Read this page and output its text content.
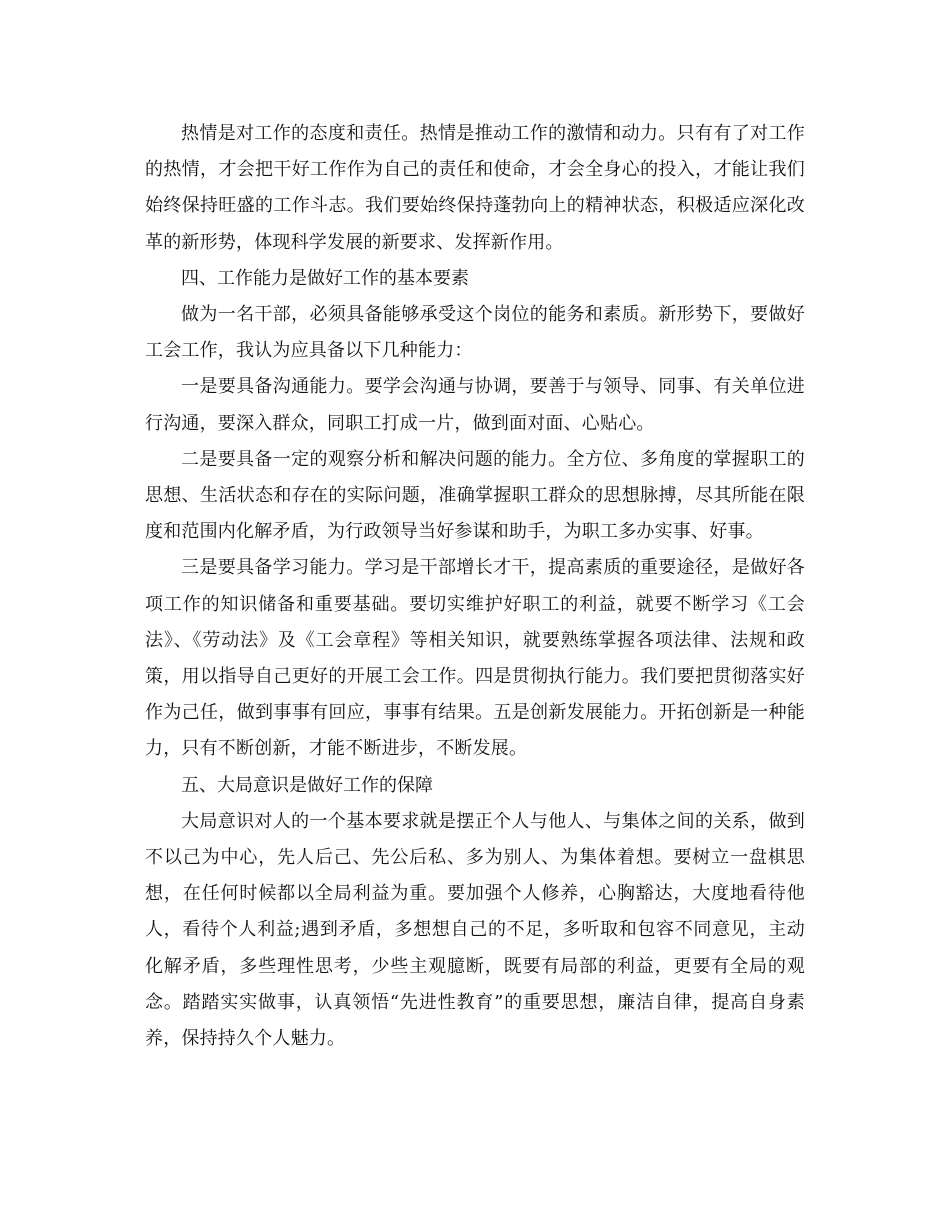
热情是对工作的态度和责任。热情是推动工作的激情和动力。只有有了对工作的热情，才会把干好工作作为自己的责任和使命，才会全身心的投入，才能让我们始终保持旺盛的工作斗志。我们要始终保持蓬勃向上的精神状态，积极适应深化改革的新形势，体现科学发展的新要求、发挥新作用。

四、工作能力是做好工作的基本要素

做为一名干部，必须具备能够承受这个岗位的能务和素质。新形势下，要做好工会工作，我认为应具备以下几种能力：

一是要具备沟通能力。要学会沟通与协调，要善于与领导、同事、有关单位进行沟通，要深入群众，同职工打成一片，做到面对面、心贴心。

二是要具备一定的观察分析和解决问题的能力。全方位、多角度的掌握职工的思想、生活状态和存在的实际问题，准确掌握职工群众的思想脉搏，尽其所能在限度和范围内化解矛盾，为行政领导当好参谋和助手，为职工多办实事、好事。

三是要具备学习能力。学习是干部增长才干，提高素质的重要途径，是做好各项工作的知识储备和重要基础。要切实维护好职工的利益，就要不断学习《工会法》、《劳动法》及《工会章程》等相关知识，就要熟练掌握各项法律、法规和政策，用以指导自己更好的开展工会工作。四是贯彻执行能力。我们要把贯彻落实好作为己任，做到事事有回应，事事有结果。五是创新发展能力。开拓创新是一种能力，只有不断创新，才能不断进步，不断发展。

五、大局意识是做好工作的保障

大局意识对人的一个基本要求就是摆正个人与他人、与集体之间的关系，做到不以己为中心，先人后己、先公后私、多为别人、为集体着想。要树立一盘棋思想，在任何时候都以全局利益为重。要加强个人修养，心胸豁达，大度地看待他人，看待个人利益;遇到矛盾，多想想自己的不足，多听取和包容不同意见，主动化解矛盾，多些理性思考，少些主观臆断，既要有局部的利益，更要有全局的观念。踏踏实实做事，认真领悟“先进性教育”的重要思想，廉洁自律，提高自身素养，保持持久个人魅力。
